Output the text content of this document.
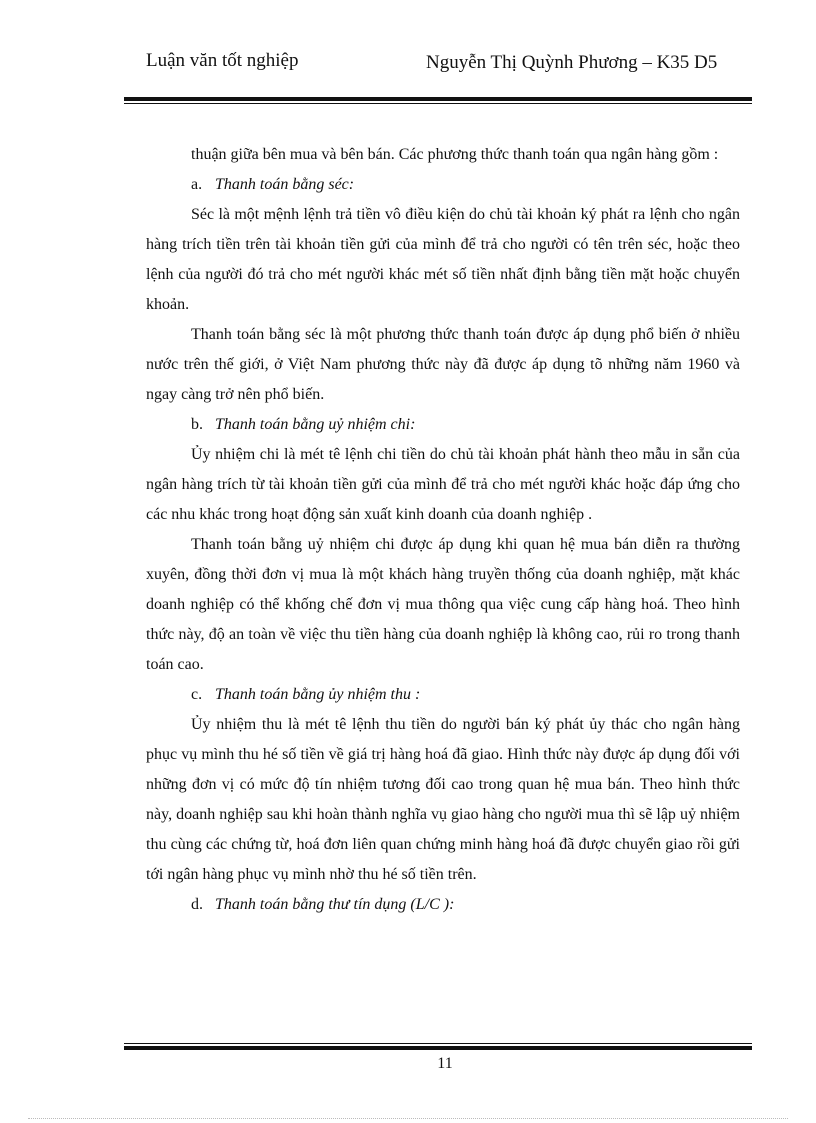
Luận văn tốt nghiệp	Nguyễn Thị Quỳnh Phương – K35 D5

thuận giữa bên mua và bên bán. Các phương thức thanh toán qua ngân hàng gồm :

a. Thanh toán bằng séc:

Séc là một mệnh lệnh trả tiền vô điều kiện do chủ tài khoản ký phát ra lệnh cho ngân hàng trích tiền trên tài khoản tiền gửi của mình để trả cho người có tên trên séc, hoặc theo lệnh của người đó trả cho mét người khác mét số tiền nhất định bằng tiền mặt hoặc chuyển khoản.

Thanh toán bằng séc là một phương thức thanh toán được áp dụng phổ biến ở nhiều nước trên thế giới, ở Việt Nam phương thức này đã được áp dụng tõ những năm 1960 và ngay càng trở nên phổ biến.

b. Thanh toán bằng uỷ nhiệm chi:

Ủy nhiệm chi là mét tê lệnh chi tiền do chủ tài khoản phát hành theo mẫu in sẵn của ngân hàng trích từ tài khoản tiền gửi của mình để trả cho mét người khác hoặc đáp ứng cho các nhu khác trong hoạt động sản xuất kinh doanh của doanh nghiệp .

Thanh toán bằng uỷ nhiệm chi được áp dụng khi quan hệ mua bán diễn ra thường xuyên, đồng thời đơn vị mua là một khách hàng truyền thống của doanh nghiệp, mặt khác doanh nghiệp có thể khống chế đơn vị mua thông qua việc cung cấp hàng hoá. Theo hình thức này, độ an toàn về việc thu tiền hàng của doanh nghiệp là không cao, rủi ro trong thanh toán cao.

c. Thanh toán bằng ủy nhiệm thu :

Ủy nhiệm thu là mét tê lệnh thu tiền do người bán ký phát ủy thác cho ngân hàng phục vụ mình thu hé số tiền về giá trị hàng hoá đã giao. Hình thức này được áp dụng đối với những đơn vị có mức độ tín nhiệm tương đối cao trong quan hệ mua bán. Theo hình thức này, doanh nghiệp sau khi hoàn thành nghĩa vụ giao hàng cho người mua thì sẽ lập uỷ nhiệm thu cùng các chứng từ, hoá đơn liên quan chứng minh hàng hoá đã được chuyển giao rồi gửi tới ngân hàng phục vụ mình nhờ thu hé số tiền trên.

d. Thanh toán bằng thư tín dụng (L/C ):

11
